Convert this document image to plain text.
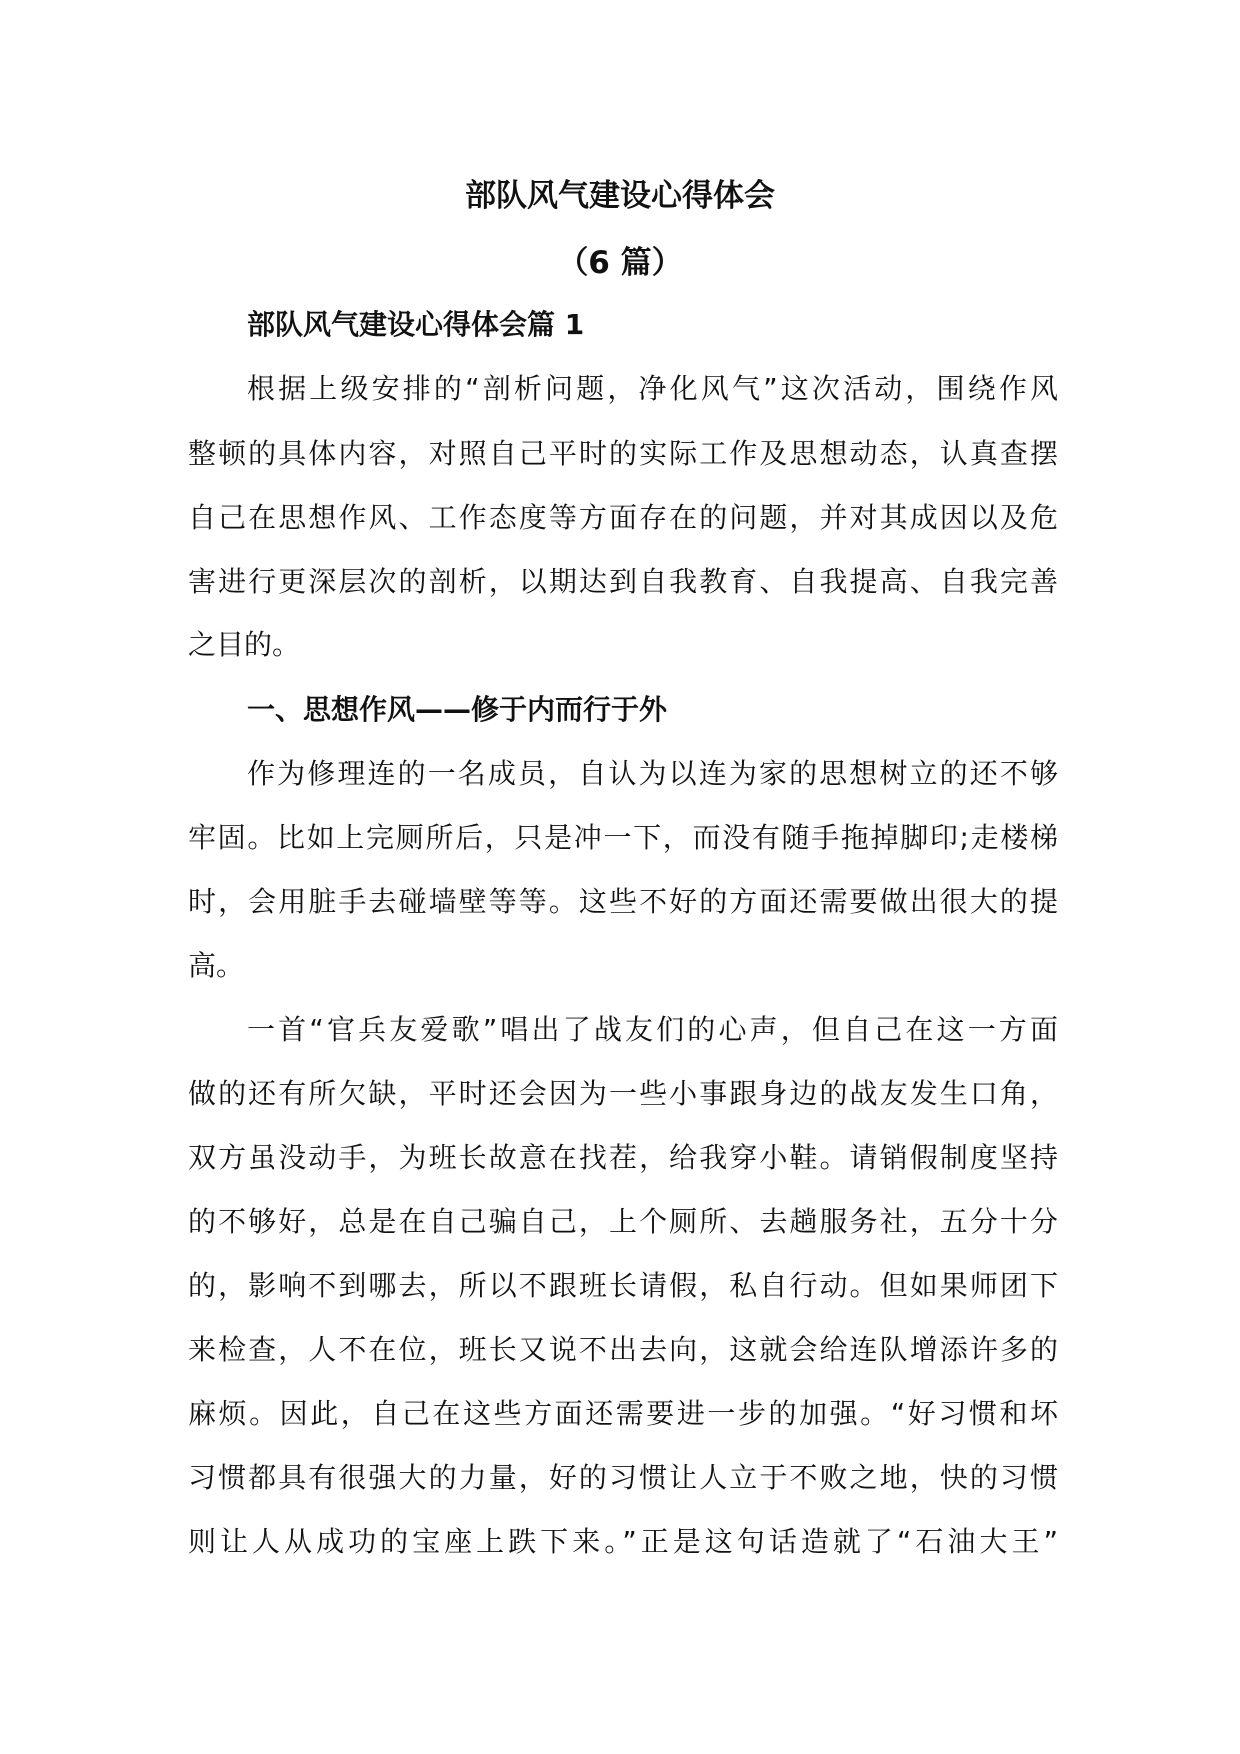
部队风气建设心得体会
（6 篇）
部队风气建设心得体会篇 1
根据上级安排的“剖析问题，净化风气”这次活动，围绕作风
整顿的具体内容，对照自己平时的实际工作及思想动态，认真查摆
自己在思想作风、工作态度等方面存在的问题，并对其成因以及危
害进行更深层次的剖析，以期达到自我教育、自我提高、自我完善
之目的。
一、思想作风——修于内而行于外
作为修理连的一名成员，自认为以连为家的思想树立的还不够
牢固。比如上完厕所后，只是冲一下，而没有随手拖掉脚印;走楼梯
时，会用脏手去碰墙壁等等。这些不好的方面还需要做出很大的提
高。
一首“官兵友爱歌”唱出了战友们的心声，但自己在这一方面
做的还有所欠缺，平时还会因为一些小事跟身边的战友发生口角，
双方虽没动手，为班长故意在找茬，给我穿小鞋。请销假制度坚持
的不够好，总是在自己骗自己，上个厕所、去趟服务社，五分十分
的，影响不到哪去，所以不跟班长请假，私自行动。但如果师团下
来检查，人不在位，班长又说不出去向，这就会给连队增添许多的
麻烦。因此，自己在这些方面还需要进一步的加强。“好习惯和坏
习惯都具有很强大的力量，好的习惯让人立于不败之地，快的习惯
则让人从成功的宝座上跌下来。”正是这句话造就了“石油大王”
